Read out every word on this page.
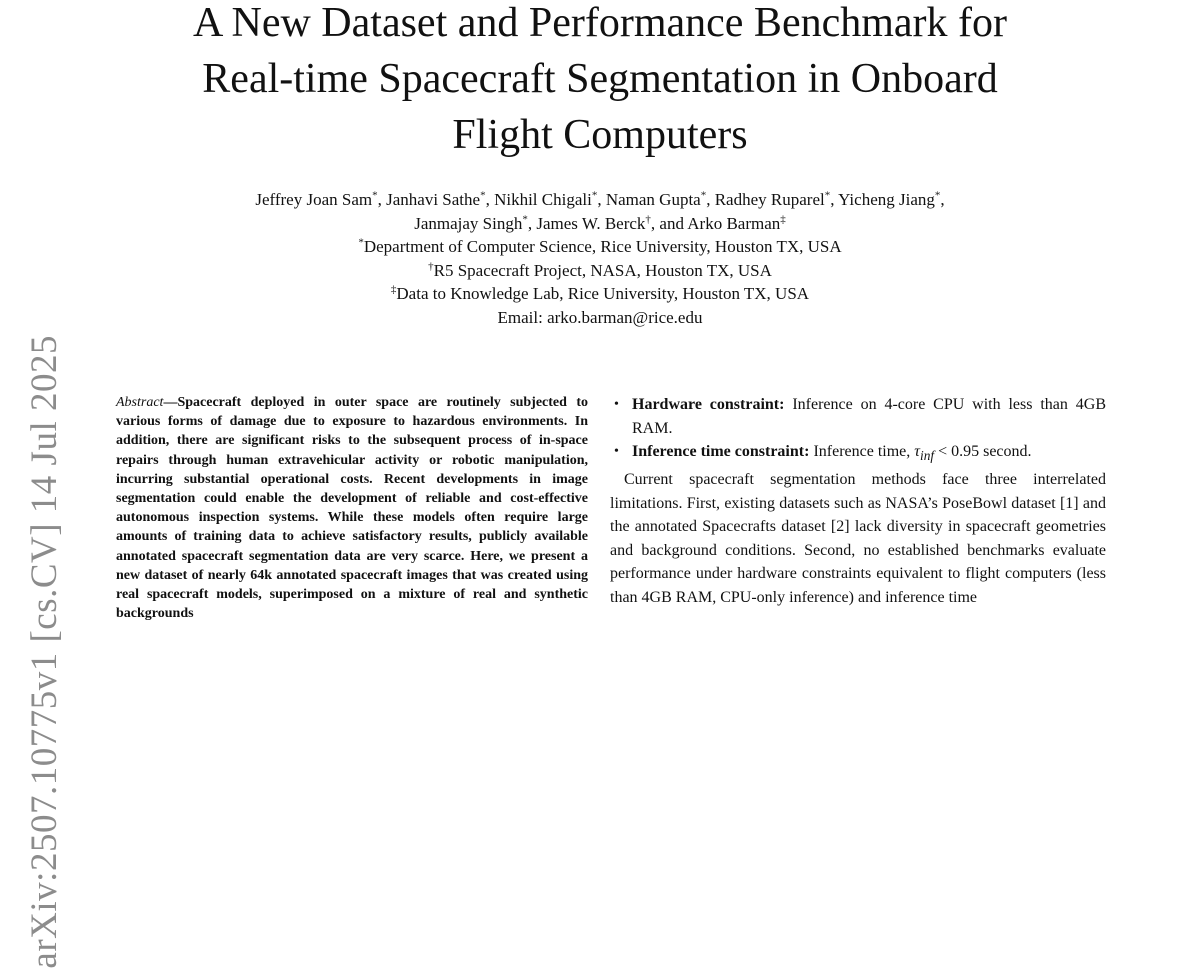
A New Dataset and Performance Benchmark for
Real-time Spacecraft Segmentation in Onboard
Flight Computers
Jeffrey Joan Sam*, Janhavi Sathe*, Nikhil Chigali*, Naman Gupta*, Radhey Ruparel*, Yicheng Jiang*,
Janmajay Singh*, James W. Berck†, and Arko Barman‡
*Department of Computer Science, Rice University, Houston TX, USA
†R5 Spacecraft Project, NASA, Houston TX, USA
‡Data to Knowledge Lab, Rice University, Houston TX, USA
Email: arko.barman@rice.edu
arXiv:2507.10775v1 [cs.CV] 14 Jul 2025	Abstract—Spacecraft deployed in outer space are routinely subjected to various forms of damage due to exposure to hazardous environments. In addition, there are significant risks to the subsequent process of in-space repairs through human extravehicular activity or robotic manipulation, incurring substantial operational costs. Recent developments in image segmentation could enable the development of reliable and cost-effective autonomous inspection systems. While these models often require large amounts of training data to achieve satisfactory results, publicly available annotated spacecraft segmentation data are very scarce. Here, we present a new dataset of nearly 64k annotated spacecraft images that was created using real spacecraft models, superimposed on a mixture of real and synthetic backgrounds
• Hardware constraint: Inference on 4-core CPU with less than 4GB RAM.
• Inference time constraint: Inference time, $\tau_{inf} < 0.95$ second.

Current spacecraft segmentation methods face three interrelated limitations. First, existing datasets such as NASA’s PoseBowl dataset [1] and the annotated Spacecrafts dataset [2] lack diversity in spacecraft geometries and background conditions. Second, no established benchmarks evaluate performance under hardware constraints equivalent to flight computers (less than 4GB RAM, CPU-only inference) and inference time
